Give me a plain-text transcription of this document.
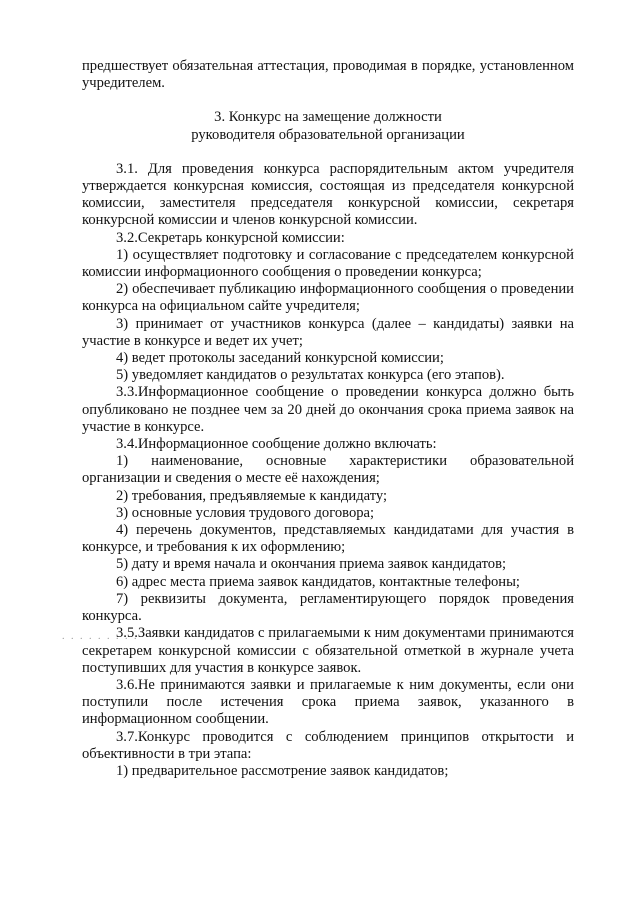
предшествует обязательная аттестация, проводимая в порядке, установленном учредителем.

3. Конкурс на замещение должности

руководителя образовательной организации

3.1. Для проведения конкурса распорядительным актом учредителя утверждается конкурсная комиссия, состоящая из председателя конкурсной комиссии, заместителя председателя конкурсной комиссии, секретаря конкурсной комиссии и членов конкурсной комиссии.

3.2.Секретарь конкурсной комиссии:

1) осуществляет подготовку и согласование с председателем конкурсной комиссии информационного сообщения о проведении конкурса;

2) обеспечивает публикацию информационного сообщения о проведении конкурса на официальном сайте учредителя;

3) принимает от участников конкурса (далее – кандидаты) заявки на участие в конкурсе и ведет их учет;

4) ведет протоколы заседаний конкурсной комиссии;

5) уведомляет кандидатов о результатах конкурса (его этапов).

3.3.Информационное сообщение о проведении конкурса должно быть опубликовано не позднее чем за 20 дней до окончания срока приема заявок на участие в конкурсе.

3.4.Информационное сообщение должно включать:

1) наименование, основные характеристики образовательной организации и сведения о месте её нахождения;

2) требования, предъявляемые к кандидату;

3) основные условия трудового договора;

4) перечень документов, представляемых кандидатами для участия в конкурсе, и требования к их оформлению;

5) дату и время начала и окончания приема заявок кандидатов;

6) адрес места приема заявок кандидатов, контактные телефоны;

7) реквизиты документа, регламентирующего порядок проведения конкурса.

3.5.Заявки кандидатов с прилагаемыми к ним документами принимаются секретарем конкурсной комиссии с обязательной отметкой в журнале учета поступивших для участия в конкурсе заявок.

3.6.Не принимаются заявки и прилагаемые к ним документы, если они поступили после истечения срока приема заявок, указанного в информационном сообщении.

3.7.Конкурс проводится с соблюдением принципов открытости и объективности в три этапа:

1) предварительное рассмотрение заявок кандидатов;

. . . . . . . . .
